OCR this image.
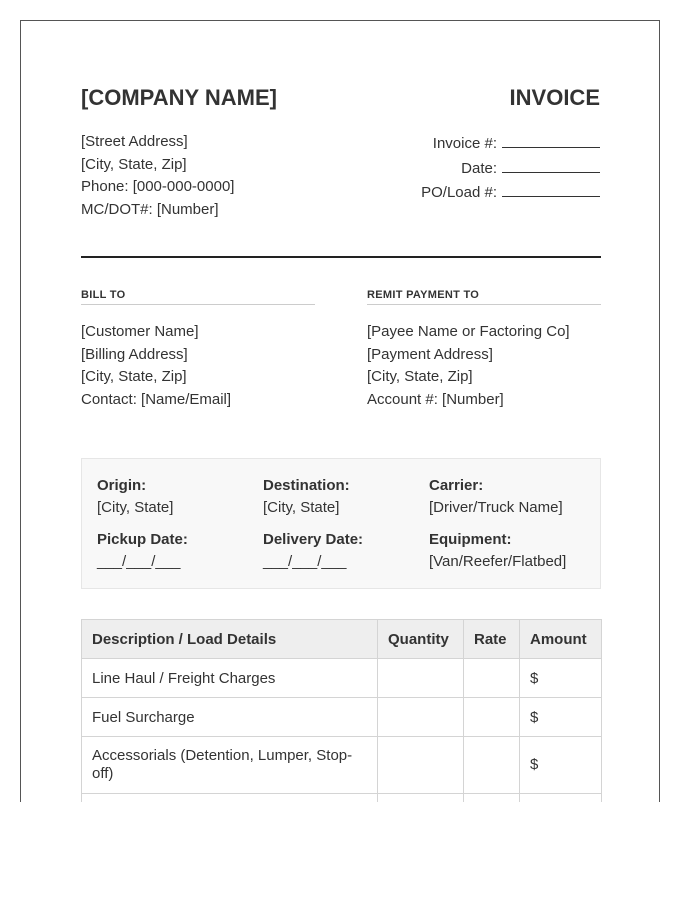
[COMPANY NAME]	INVOICE
[Street Address]
[City, State, Zip]
Phone: [000-000-0000]
MC/DOT#: [Number]
Invoice #:
Date:
PO/Load #:
BILL TO
[Customer Name]
[Billing Address]
[City, State, Zip]
Contact: [Name/Email]
REMIT PAYMENT TO
[Payee Name or Factoring Co]
[Payment Address]
[City, State, Zip]
Account #: [Number]
Origin:
[City, State]
Destination:
[City, State]
Carrier:
[Driver/Truck Name]
Pickup Date:
___/___/___
Delivery Date:
___/___/___
Equipment:
[Van/Reefer/Flatbed]
Description / Load Details	Quantity	Rate	Amount
Line Haul / Freight Charges			$
Fuel Surcharge			$
Accessorials (Detention, Lumper, Stop-off)			$
